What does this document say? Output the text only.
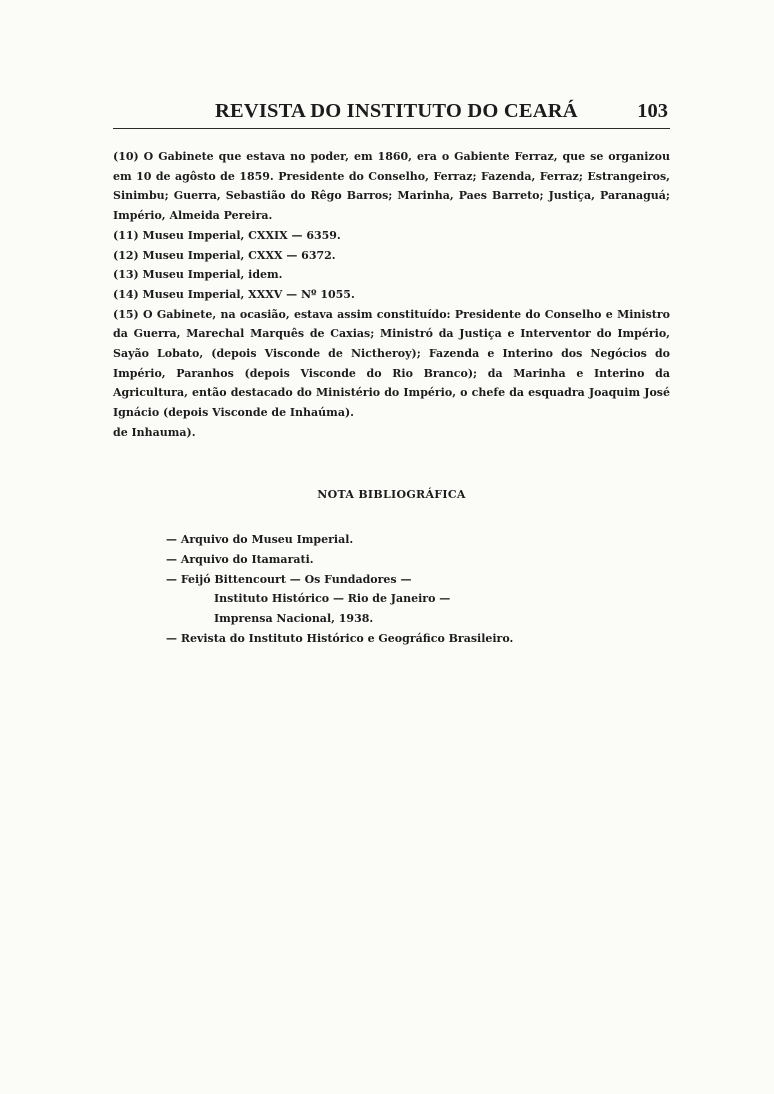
REVISTA DO INSTITUTO DO CEARÁ	103

(10) O Gabinete que estava no poder, em 1860, era o Gabiente Ferraz, que se organizou em 10 de agôsto de 1859. Presidente do Conselho, Ferraz; Fazenda, Ferraz; Estrangeiros, Sinimbu; Guerra, Sebastião do Rêgo Barros; Marinha, Paes Barreto; Justiça, Paranaguá; Império, Almeida Pereira.

(11) Museu Imperial, CXXIX — 6359.

(12) Museu Imperial, CXXX — 6372.

(13) Museu Imperial, idem.

(14) Museu Imperial, XXXV — Nº 1055.

(15) O Gabinete, na ocasião, estava assim constituído: Presidente do Conselho e Ministro da Guerra, Marechal Marquês de Caxias; Ministró da Justiça e Interventor do Império, Sayão Lobato, (depois Visconde de Nictheroy); Fazenda e Interino dos Negócios do Império, Paranhos (depois Visconde do Rio Branco); da Marinha e Interino da Agricultura, então destacado do Ministério do Império, o chefe da esquadra Joaquim José Ignácio (depois Visconde de Inhaúma).

de Inhauma).

NOTA BIBLIOGRÁFICA

— Arquivo do Museu Imperial.

— Arquivo do Itamarati.

— Feijó Bittencourt — Os Fundadores —

Instituto Histórico — Rio de Janeiro —

Imprensa Nacional, 1938.

— Revista do Instituto Histórico e Geográfico Brasileiro.
